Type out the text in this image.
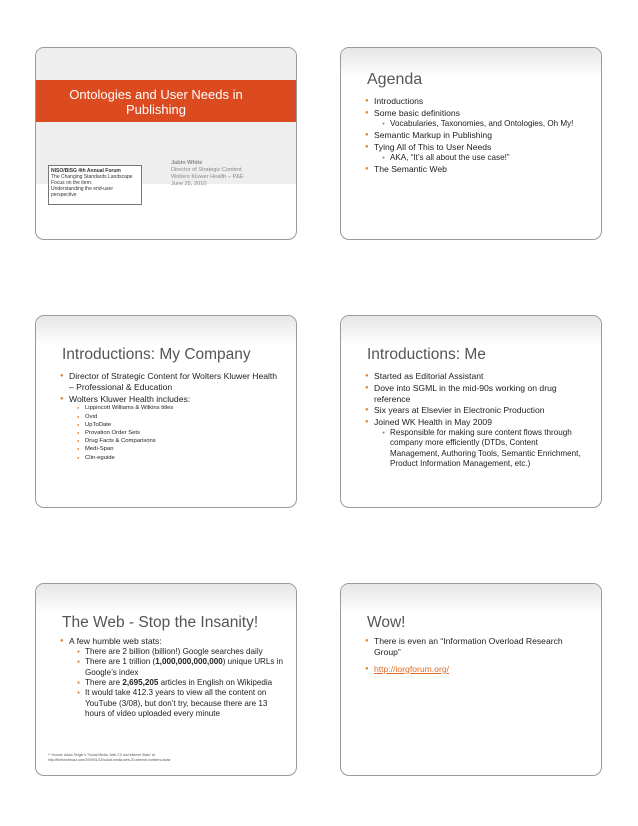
Ontologies and User Needs in
Publishing
NISO/BISG 4th Annual Forum
The Changing Standards Landscape
Focus on the item:
Understanding the end-user
perspective
Jabin White
Director of Strategic Content
Wolters Kluwer Health – P&E
June 25, 2010
Agenda
● Introductions
● Some basic definitions
● Vocabularies, Taxonomies, and Ontologies, Oh My!
● Semantic Markup in Publishing
● Tying All of This to User Needs
● AKA, “It’s all about the use case!”
● The Semantic Web
Introductions: My Company
● Director of Strategic Content for Wolters Kluwer Health – Professional & Education
● Wolters Kluwer Health includes:
● Lippincott Williams & Wilkins titles
● Ovid
● UpToDate
● Provation Order Sets
● Drug Facts & Comparisons
● Medi-Span
● Clin-eguide
Introductions: Me
● Started as Editorial Assistant
● Dove into SGML in the mid-90s working on drug reference
● Six years at Elsevier in Electronic Production
● Joined WK Health in May 2009
● Responsible for making sure content flows through company more efficiently (DTDs, Content Management, Authoring Tools, Semantic Enrichment, Product Information Management, etc.)
The Web - Stop the Insanity!
● A few humble web stats:
● There are 2 billion (billion!) Google searches daily
● There are 1 trillion (1,000,000,000,000) unique URLs in Google’s index
● There are 2,695,205 articles in English on Wikipedia
● It would take 412.3 years to view all the content on YouTube (3/08), but don’t try, because there are 13 hours of video uploaded every minute
** Source: Adam Singer’s “Social Media, Web 2.0 and Internet Stats” at
http://thefuturebuzz.com/2009/01/12/social-media-web-20-internet-numbers-stats/
Wow!
● There is even an “Information Overload Research Group”
● http://iorgforum.org/
